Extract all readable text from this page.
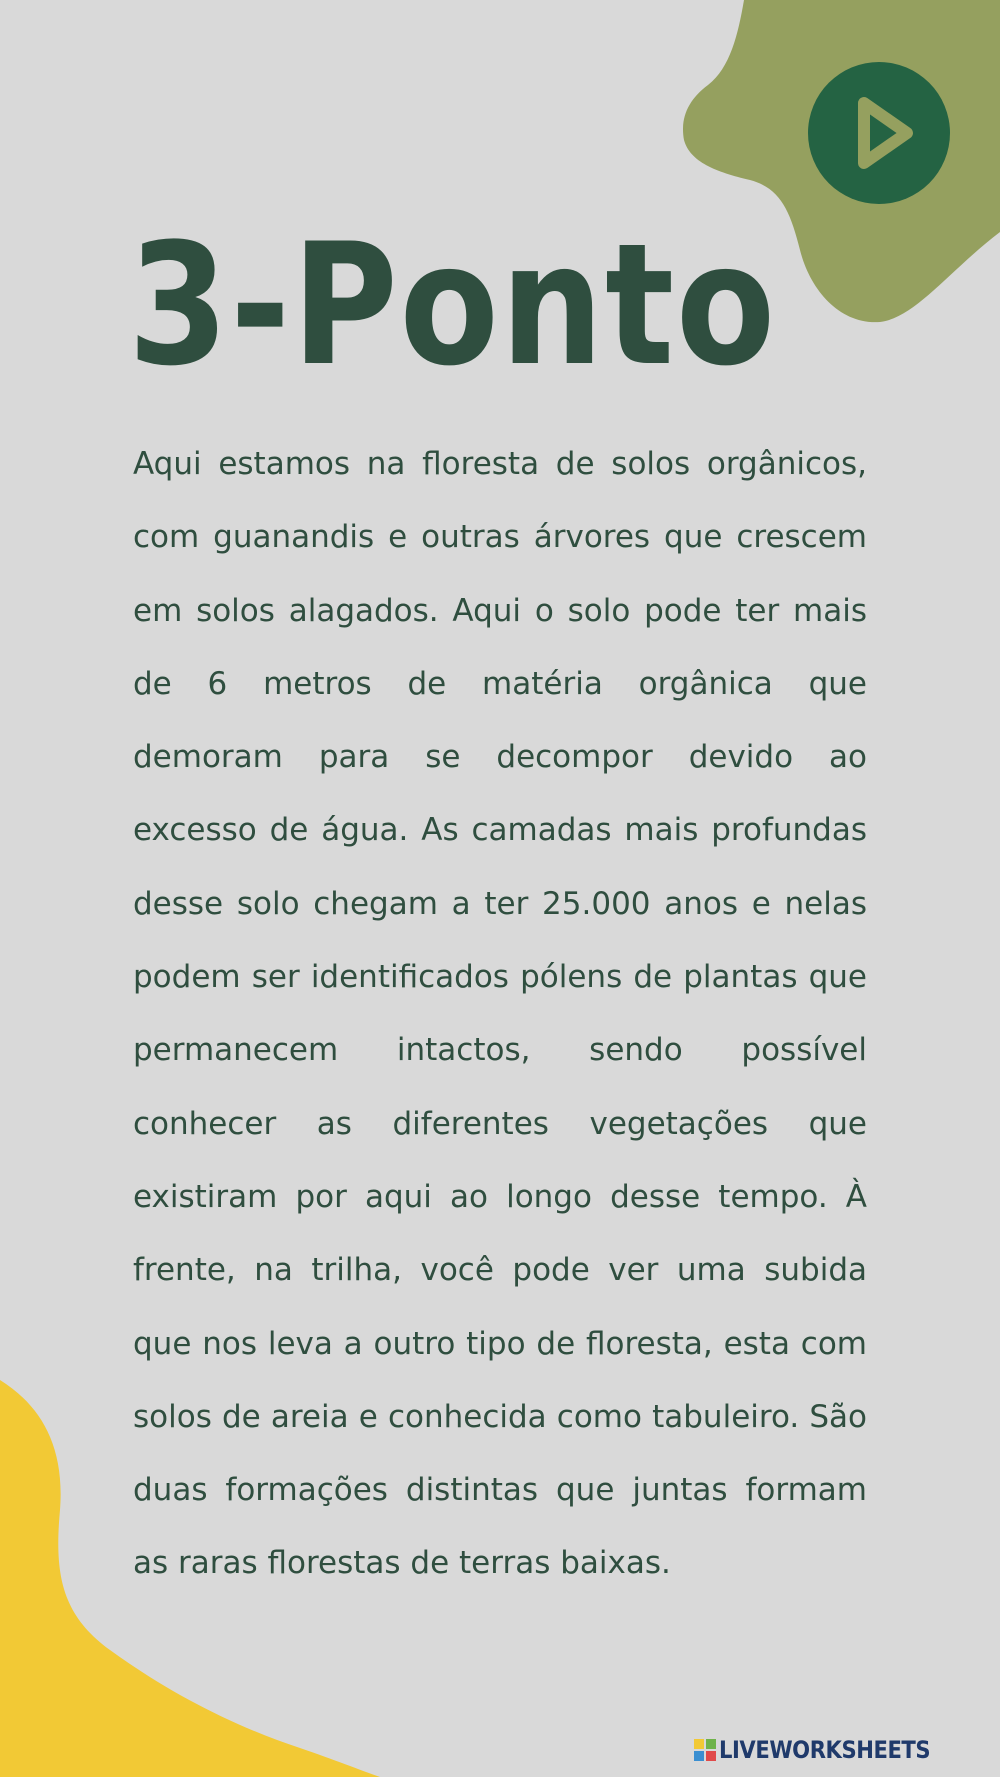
3-Ponto

Aqui estamos na floresta de solos orgânicos, com guanandis e outras árvores que crescem em solos alagados. Aqui o solo pode ter mais de 6 metros de matéria orgânica que demoram para se decompor devido ao excesso de água. As camadas mais profundas desse solo chegam a ter 25.000 anos e nelas podem ser identificados pólens de plantas que permanecem intactos, sendo possível conhecer as diferentes vegetações que existiram por aqui ao longo desse tempo. À frente, na trilha, você pode ver uma subida que nos leva a outro tipo de floresta, esta com solos de areia e conhecida como tabuleiro. São duas formações distintas que juntas formam as raras florestas de terras baixas.

LIVEWORKSHEETS
